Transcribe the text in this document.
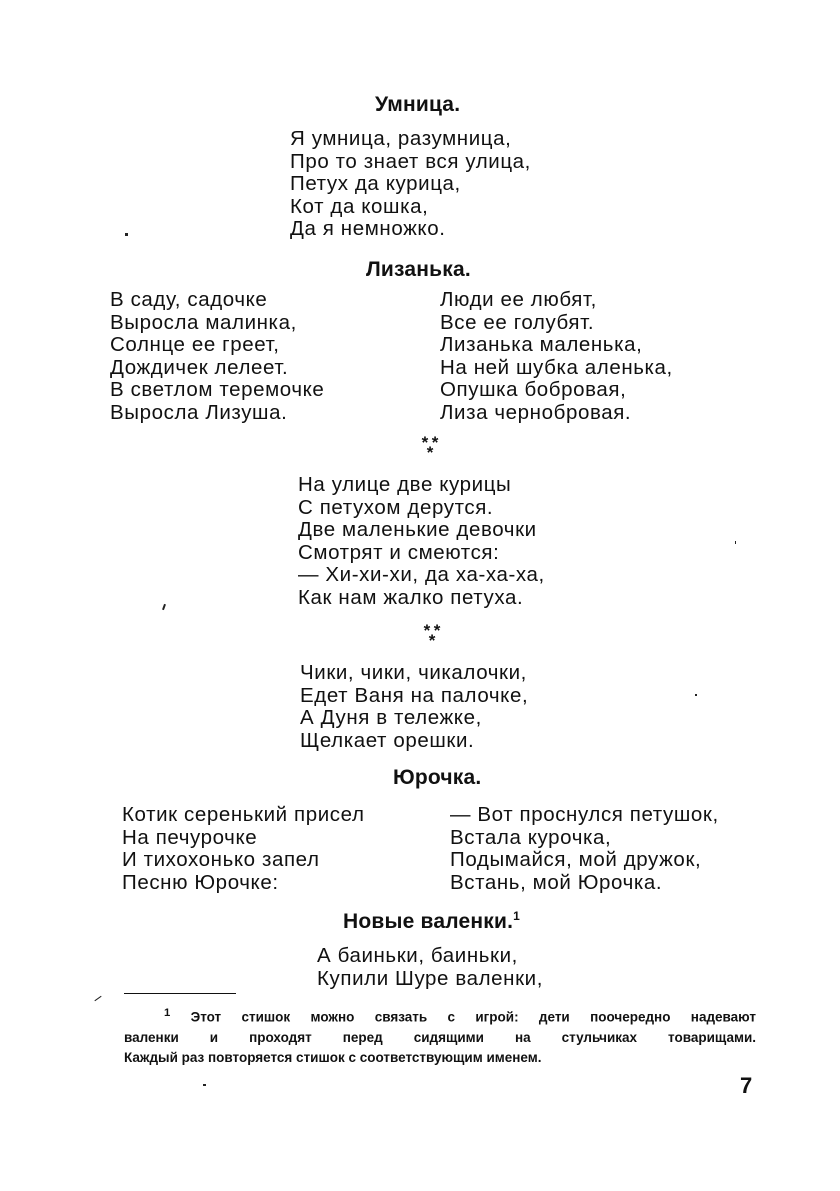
Умница.
Я умница, разумница,
Про то знает вся улица,
Петух да курица,
Кот да кошка,
Да я немножко.
Лизанька.
В саду, садочке
Выросла малинка,
Солнце ее греет,
Дождичек лелеет.
В светлом теремочке
Выросла Лизуша.
Люди ее любят,
Все ее голубят.
Лизанька маленька,
На ней шубка аленька,
Опушка бобровая,
Лиза чернобровая.
* *
*
На улице две курицы
С петухом дерутся.
Две маленькие девочки
Смотрят и смеются:
— Хи-хи-хи, да ха-ха-ха,
Как нам жалко петуха.
* *
*
Чики, чики, чикалочки,
Едет Ваня на палочке,
А Дуня в тележке,
Щелкает орешки.
Юрочка.
Котик серенький присел
На печурочке
И тихохонько запел
Песню Юрочке:
— Вот проснулся петушок,
Встала курочка,
Подымайся, мой дружок,
Встань, мой Юрочка.
Новые валенки.$^1$
А баиньки, баиньки,
Купили Шуре валенки,
$^1$ Этот стишок можно связать с игрой: дети поочередно надевают
валенки и проходят перед сидящими на стульчиках товарищами.
Каждый раз повторяется стишок с соответствующим именем.
7
